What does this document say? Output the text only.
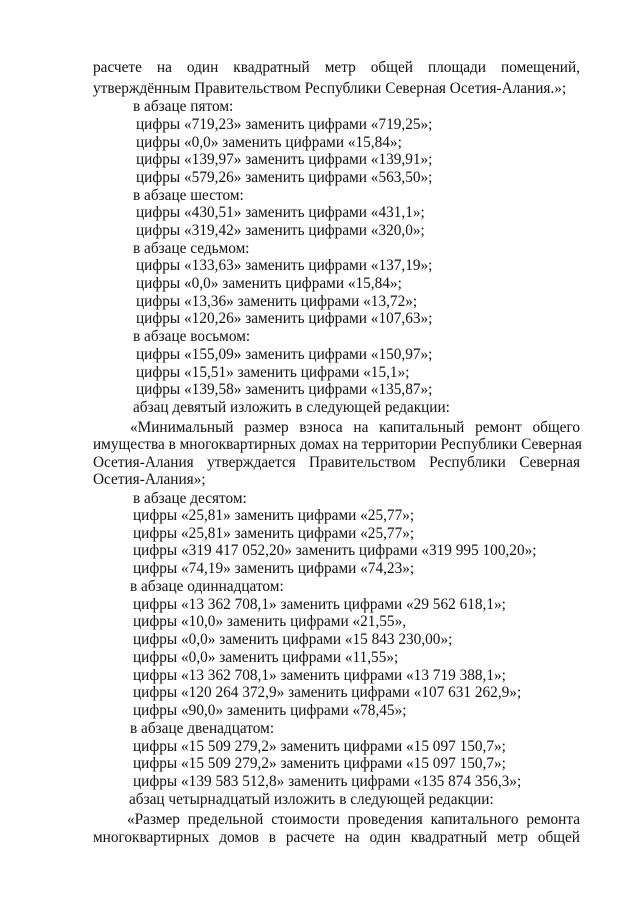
расчете на один квадратный метр общей площади помещений,
утверждённым Правительством Республики Северная Осетия-Алания.»;
в абзаце пятом:
цифры «719,23» заменить цифрами «719,25»;
цифры «0,0» заменить цифрами «15,84»;
цифры «139,97» заменить цифрами «139,91»;
цифры «579,26» заменить цифрами «563,50»;
в абзаце шестом:
цифры «430,51» заменить цифрами «431,1»;
цифры «319,42» заменить цифрами «320,0»;
в абзаце седьмом:
цифры «133,63» заменить цифрами «137,19»;
цифры «0,0» заменить цифрами «15,84»;
цифры «13,36» заменить цифрами «13,72»;
цифры «120,26» заменить цифрами «107,63»;
в абзаце восьмом:
цифры «155,09» заменить цифрами «150,97»;
цифры «15,51» заменить цифрами «15,1»;
цифры «139,58» заменить цифрами «135,87»;
абзац девятый изложить в следующей редакции:
«Минимальный размер взноса на капитальный ремонт общего
имущества в многоквартирных домах на территории Республики Северная
Осетия-Алания утверждается Правительством Республики Северная
Осетия-Алания»;
в абзаце десятом:
цифры «25,81» заменить цифрами «25,77»;
цифры «25,81» заменить цифрами «25,77»;
цифры «319 417 052,20» заменить цифрами «319 995 100,20»;
цифры «74,19» заменить цифрами «74,23»;
в абзаце одиннадцатом:
цифры «13 362 708,1» заменить цифрами «29 562 618,1»;
цифры «10,0» заменить цифрами «21,55»,
цифры «0,0» заменить цифрами «15 843 230,00»;
цифры «0,0» заменить цифрами «11,55»;
цифры «13 362 708,1» заменить цифрами «13 719 388,1»;
цифры «120 264 372,9» заменить цифрами «107 631 262,9»;
цифры «90,0» заменить цифрами «78,45»;
в абзаце двенадцатом:
цифры «15 509 279,2» заменить цифрами «15 097 150,7»;
цифры «15 509 279,2» заменить цифрами «15 097 150,7»;
цифры «139 583 512,8» заменить цифрами «135 874 356,3»;
абзац четырнадцатый изложить в следующей редакции:
«Размер предельной стоимости проведения капитального ремонта
многоквартирных домов в расчете на один квадратный метр общей
